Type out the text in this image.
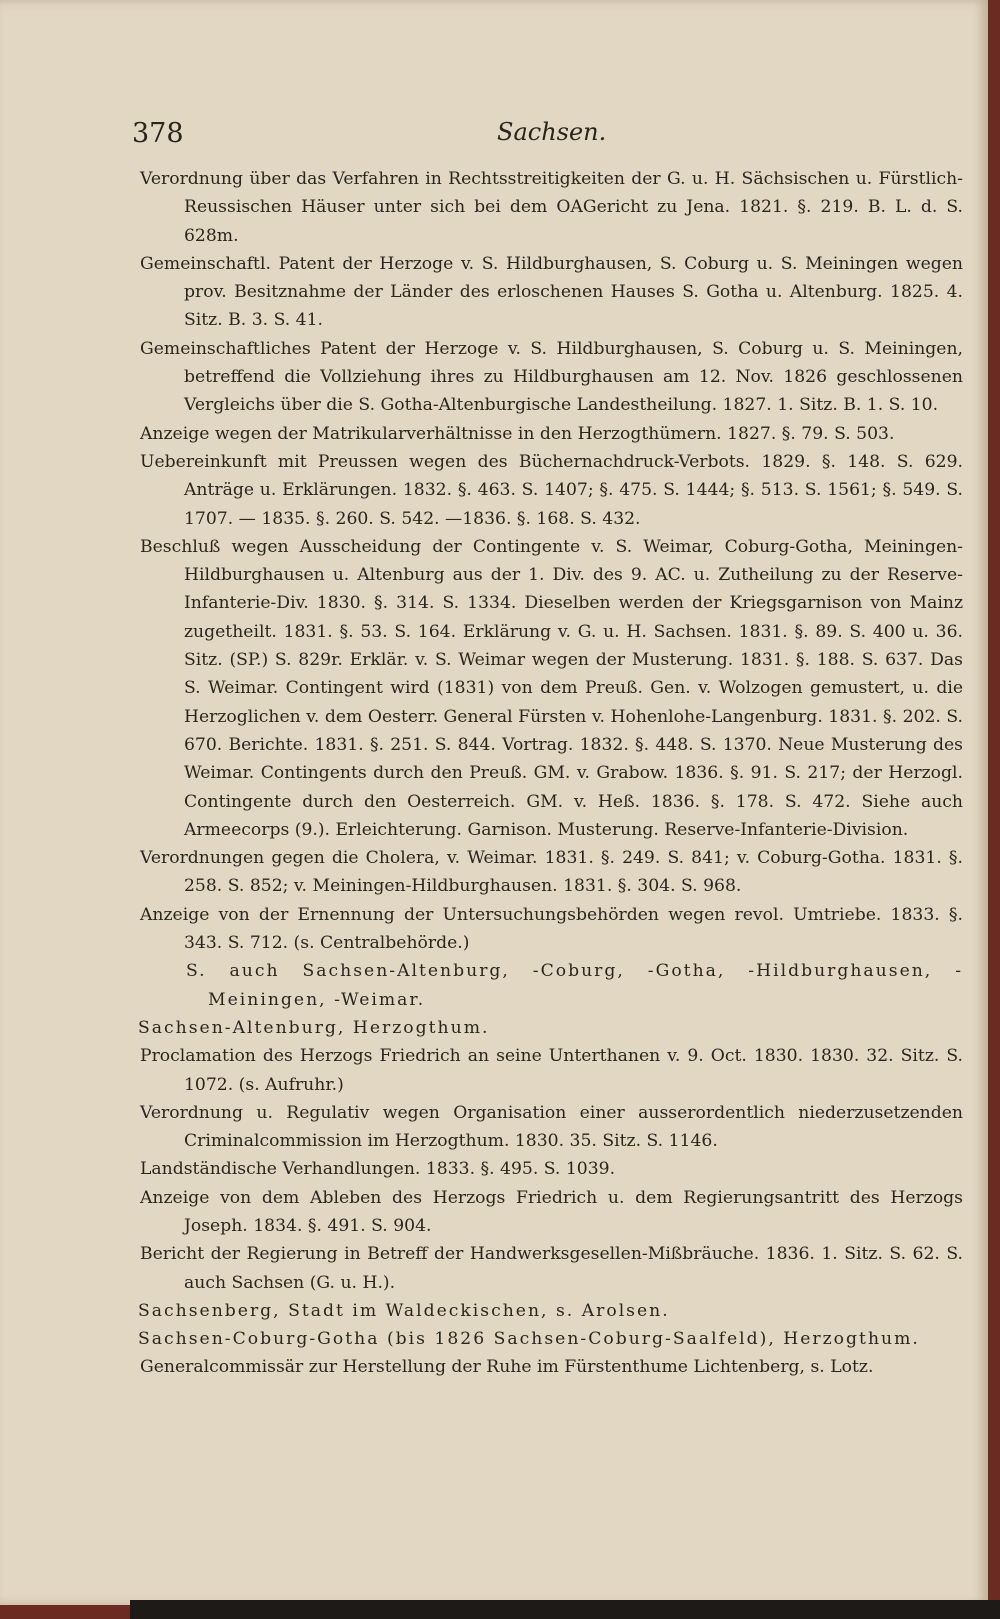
378	Sachsen.

Verordnung über das Verfahren in Rechtsstreitigkeiten der G. u. H. Sächsischen u. Fürstlich-Reussischen Häuser unter sich bei dem OAGericht zu Jena. 1821. §. 219. B. L. d. S. 628m.

Gemeinschaftl. Patent der Herzoge v. S. Hildburghausen, S. Coburg u. S. Meiningen wegen prov. Besitznahme der Länder des erloschenen Hauses S. Gotha u. Altenburg. 1825. 4. Sitz. B. 3. S. 41.

Gemeinschaftliches Patent der Herzoge v. S. Hildburghausen, S. Coburg u. S. Meiningen, betreffend die Vollziehung ihres zu Hildburghausen am 12. Nov. 1826 geschlossenen Vergleichs über die S. Gotha-Altenburgische Landestheilung. 1827. 1. Sitz. B. 1. S. 10.

Anzeige wegen der Matrikularverhältnisse in den Herzogthümern. 1827. §. 79. S. 503.

Uebereinkunft mit Preussen wegen des Büchernachdruck-Verbots. 1829. §. 148. S. 629. Anträge u. Erklärungen. 1832. §. 463. S. 1407; §. 475. S. 1444; §. 513. S. 1561; §. 549. S. 1707. — 1835. §. 260. S. 542. —1836. §. 168. S. 432.

Beschluß wegen Ausscheidung der Contingente v. S. Weimar, Coburg-Gotha, Meiningen-Hildburghausen u. Altenburg aus der 1. Div. des 9. AC. u. Zutheilung zu der Reserve-Infanterie-Div. 1830. §. 314. S. 1334. Dieselben werden der Kriegsgarnison von Mainz zugetheilt. 1831. §. 53. S. 164. Erklärung v. G. u. H. Sachsen. 1831. §. 89. S. 400 u. 36. Sitz. (SP.) S. 829r. Erklär. v. S. Weimar wegen der Musterung. 1831. §. 188. S. 637. Das S. Weimar. Contingent wird (1831) von dem Preuß. Gen. v. Wolzogen gemustert, u. die Herzoglichen v. dem Oesterr. General Fürsten v. Hohenlohe-Langenburg. 1831. §. 202. S. 670. Berichte. 1831. §. 251. S. 844. Vortrag. 1832. §. 448. S. 1370. Neue Musterung des Weimar. Contingents durch den Preuß. GM. v. Grabow. 1836. §. 91. S. 217; der Herzogl. Contingente durch den Oesterreich. GM. v. Heß. 1836. §. 178. S. 472. Siehe auch Armeecorps (9.). Erleichterung. Garnison. Musterung. Reserve-Infanterie-Division.

Verordnungen gegen die Cholera, v. Weimar. 1831. §. 249. S. 841; v. Coburg-Gotha. 1831. §. 258. S. 852; v. Meiningen-Hildburghausen. 1831. §. 304. S. 968.

Anzeige von der Ernennung der Untersuchungsbehörden wegen revol. Umtriebe. 1833. §. 343. S. 712. (s. Centralbehörde.)

S. auch Sachsen-Altenburg, -Coburg, -Gotha, -Hildburghausen, -Meiningen, -Weimar.

Sachsen-Altenburg, Herzogthum.

Proclamation des Herzogs Friedrich an seine Unterthanen v. 9. Oct. 1830. 1830. 32. Sitz. S. 1072. (s. Aufruhr.)

Verordnung u. Regulativ wegen Organisation einer ausserordentlich niederzusetzenden Criminalcommission im Herzogthum. 1830. 35. Sitz. S. 1146.

Landständische Verhandlungen. 1833. §. 495. S. 1039.

Anzeige von dem Ableben des Herzogs Friedrich u. dem Regierungsantritt des Herzogs Joseph. 1834. §. 491. S. 904.

Bericht der Regierung in Betreff der Handwerksgesellen-Mißbräuche. 1836. 1. Sitz. S. 62. S. auch Sachsen (G. u. H.).

Sachsenberg, Stadt im Waldeckischen, s. Arolsen.

Sachsen-Coburg-Gotha (bis 1826 Sachsen-Coburg-Saalfeld), Herzogthum.

Generalcommissär zur Herstellung der Ruhe im Fürstenthume Lichtenberg, s. Lotz.
